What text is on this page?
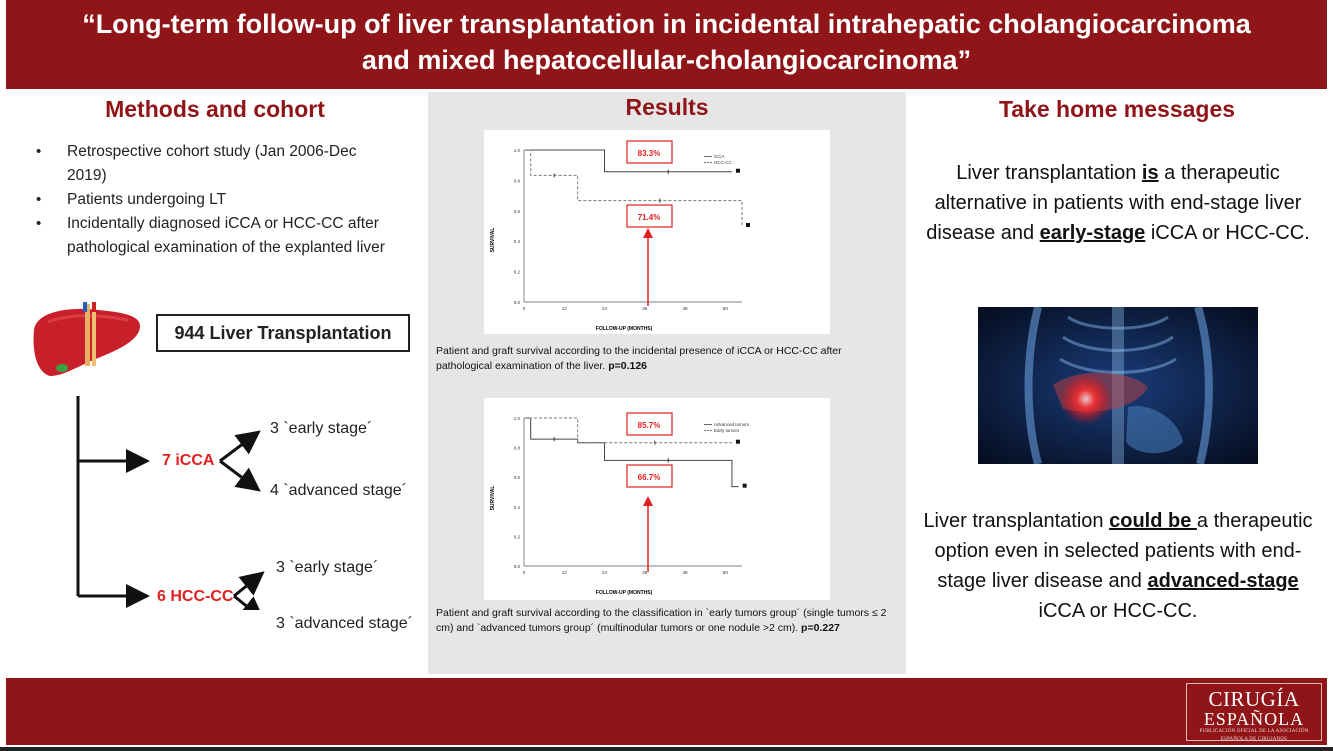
“Long-term follow-up of liver transplantation in incidental intrahepatic cholangiocarcinoma
and mixed hepatocellular-cholangiocarcinoma”
Methods and cohort
• Retrospective cohort study (Jan 2006-Dec 2019)
• Patients undergoing LT
• Incidentally diagnosed iCCA or HCC-CC after pathological examination of the explanted liver
944 Liver Transplantation
7 iCCA
6 HCC-CC
3 `early stage´
4 `advanced stage´
3 `early stage´
3 `advanced stage´
Results
SURVIVAL
FOLLOW-UP (MONTHS)
0.0
0.2
0.4
0.6
0.8
1.0
0	12	24	36	48	60
83.3%
71.4%
iCCA
HCC-CC
Patient and graft survival according to the incidental presence of iCCA or HCC-CC after pathological examination of the liver. p=0.126
SURVIVAL
FOLLOW-UP (MONTHS)
0.0
0.2
0.4
0.6
0.8
1.0
0	12	24	36	48	60
85.7%
66.7%
Advanced tumors
Early tumors
Patient and graft survival according to the classification in `early tumors group´ (single tumors ≤ 2 cm) and `advanced tumors group´ (multinodular tumors or one nodule >2 cm). p=0.227
Take home messages
Liver transplantation is a therapeutic alternative in patients with end-stage liver disease and early-stage iCCA or HCC-CC.
Liver transplantation could be a therapeutic option even in selected patients with end-stage liver disease and advanced-stage iCCA or HCC-CC.
CIRUGÍA
ESPAÑOLA
PUBLICACIÓN OFICIAL DE LA ASOCIACIÓN ESPAÑOLA DE CIRUJANOS
